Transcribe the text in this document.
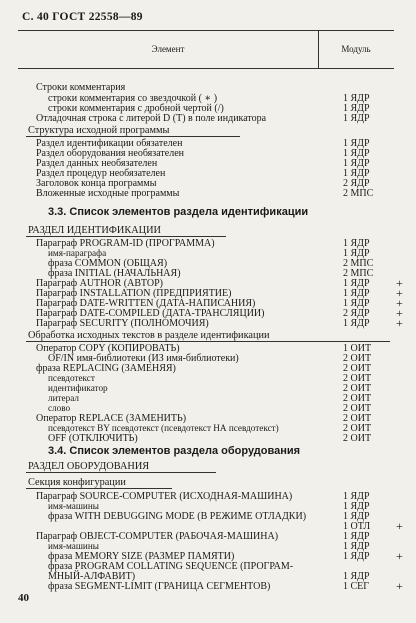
С. 40 ГОСТ 22558—89
Элемент	Модуль
Строки комментария
строки комментария со звездочкой ( ∗ )	1 ЯДР
строки комментария с дробной чертой (/)	1 ЯДР
Отладочная строка с литерой D (Т) в поле индикатора	1 ЯДР
Раздел идентификации обязателен	1 ЯДР
Раздел оборудования необязателен	1 ЯДР
Раздел данных необязателен	1 ЯДР
Раздел процедур необязателен	1 ЯДР
Заголовок конца программы	2 ЯДР
Вложенные исходные программы	2 МПС
Параграф PROGRAM-ID (ПРОГРАММА)	1 ЯДР
имя-параграфа	1 ЯДР
фраза COMMON (ОБЩАЯ)	2 МПС
фраза INITIAL (НАЧАЛЬНАЯ)	2 МПС
Параграф AUTHOR (АВТОР)	1 ЯДР +
Параграф INSTALLATION (ПРЕДПРИЯТИЕ)	1 ЯДР +
Параграф DATE-WRITTEN (ДАТА-НАПИСАНИЯ)	1 ЯДР +
Параграф DATE-COMPILED (ДАТА-ТРАНСЛЯЦИИ)	2 ЯДР +
Параграф SECURITY (ПОЛНОМОЧИЯ)	1 ЯДР +
Оператор COPY (КОПИРОВАТЬ)	1 ОИТ
OF/IN имя-библиотеки (ИЗ имя-библиотеки)	2 ОИТ
фраза REPLACING (ЗАМЕНЯЯ)	2 ОИТ
псевдотекст	2 ОИТ
идентификатор	2 ОИТ
литерал	2 ОИТ
слово	2 ОИТ
Оператор REPLACE (ЗАМЕНИТЬ)	2 ОИТ
псевдотекст BY псевдотекст (псевдотекст НА псевдотекст)	2 ОИТ
OFF (ОТКЛЮЧИТЬ)	2 ОИТ
Параграф SOURCE-COMPUTER (ИСХОДНАЯ-МАШИНА)	1 ЯДР
имя-машины	1 ЯДР
фраза WITH DEBUGGING MODE (В РЕЖИМЕ ОТЛАДКИ)	1 ЯДР
1 ОТЛ +
Параграф OBJECT-COMPUTER (РАБОЧАЯ-МАШИНА)	1 ЯДР
имя-машины	1 ЯДР
фраза MEMORY SIZE (РАЗМЕР ПАМЯТИ)	1 ЯДР +
фраза PROGRAM COLLATING SEQUENCE (ПРОГРАМ-
МНЫЙ-АЛФАВИТ)	1 ЯДР
фраза SEGMENT-LIMIT (ГРАНИЦА СЕГМЕНТОВ)	1 СЕГ +
Структура исходной программы
РАЗДЕЛ ИДЕНТИФИКАЦИИ
Обработка исходных текстов в разделе идентификации
РАЗДЕЛ ОБОРУДОВАНИЯ
Секция конфигурации
3.3. Список элементов раздела идентификации
3.4. Список элементов раздела оборудования
40
